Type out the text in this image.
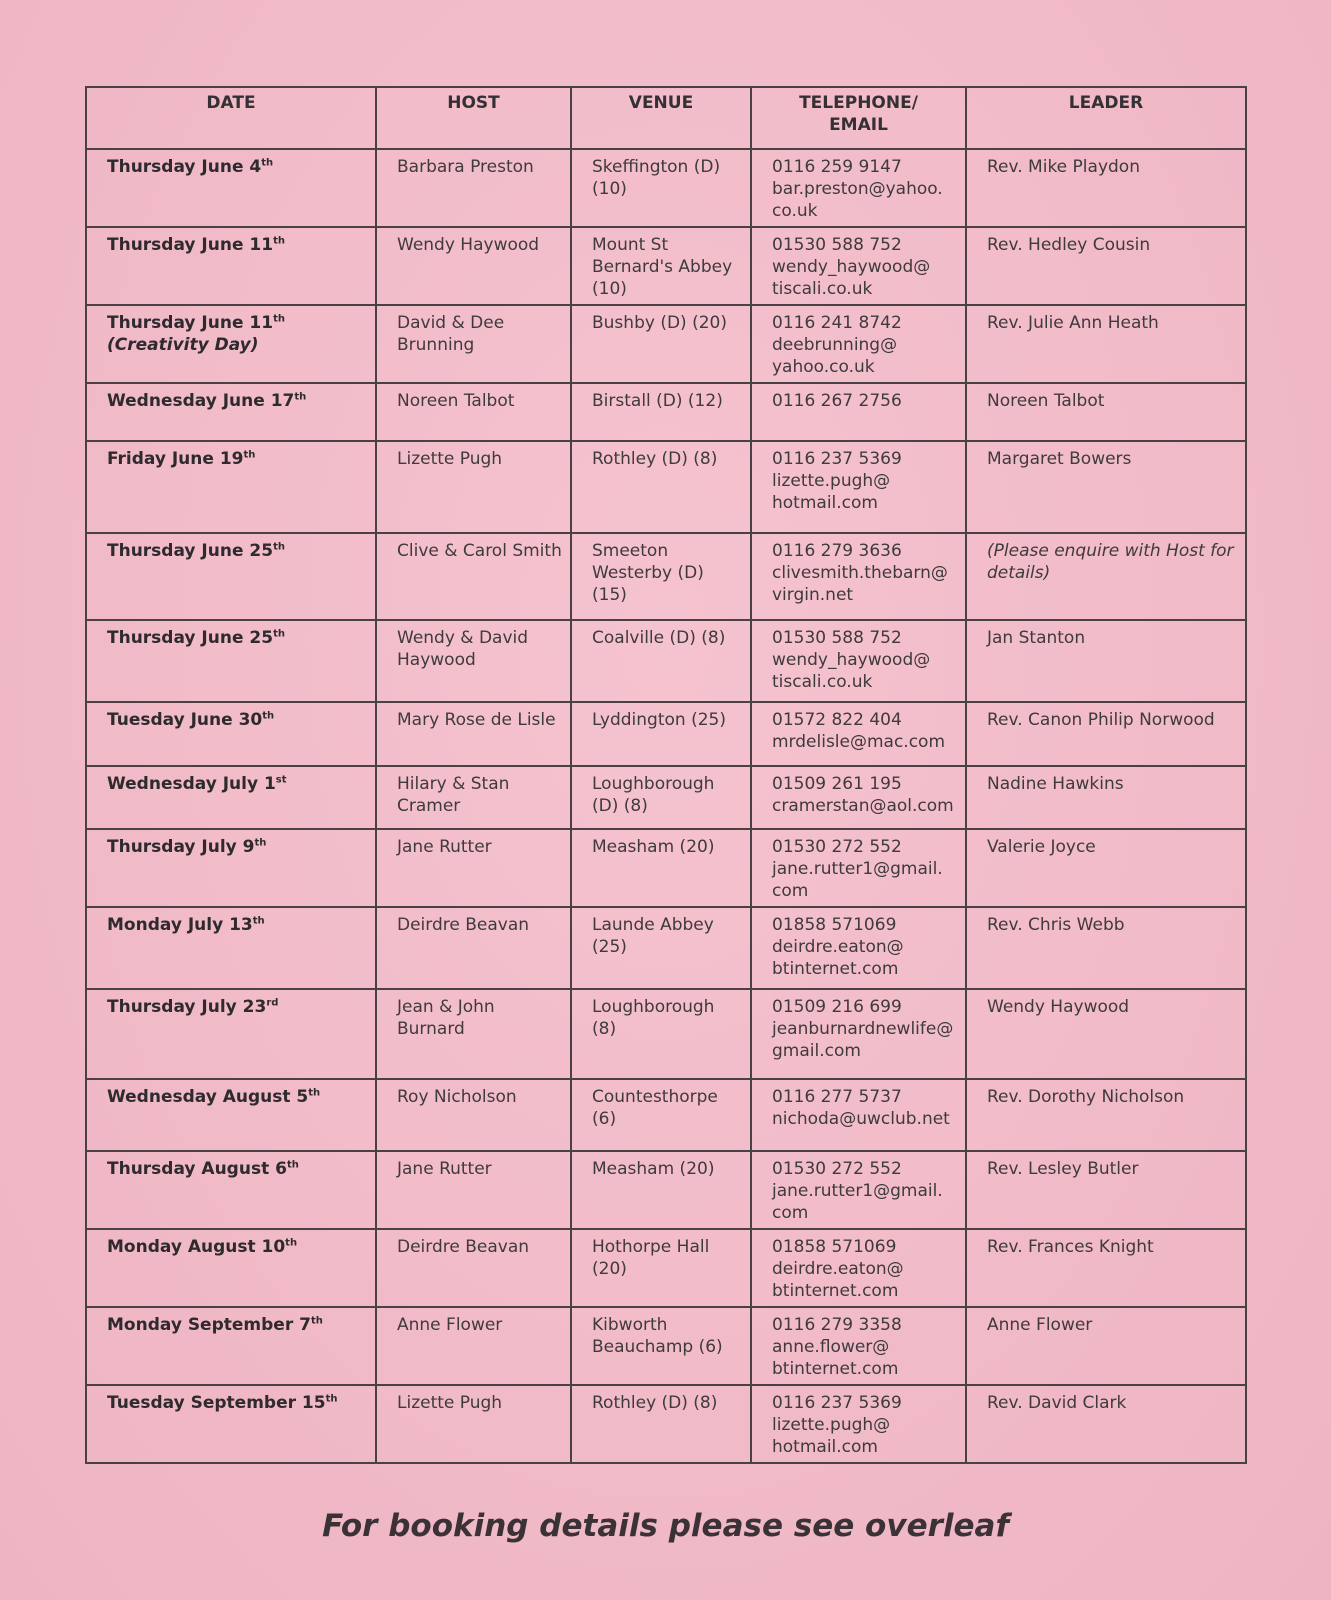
DATE	HOST	VENUE	TELEPHONE/
EMAIL	LEADER
Thursday June 4th	Barbara Preston	Skeffington (D)
(10)	0116 259 9147
bar.preston@yahoo.
co.uk	Rev. Mike Playdon
Thursday June 11th	Wendy Haywood	Mount St
Bernard's Abbey
(10)	01530 588 752
wendy_haywood@
tiscali.co.uk	Rev. Hedley Cousin
Thursday June 11th
(Creativity Day)	David & Dee
Brunning	Bushby (D) (20)	0116 241 8742
deebrunning@
yahoo.co.uk	Rev. Julie Ann Heath
Wednesday June 17th	Noreen Talbot	Birstall (D) (12)	0116 267 2756	Noreen Talbot
Friday June 19th	Lizette Pugh	Rothley (D) (8)	0116 237 5369
lizette.pugh@
hotmail.com	Margaret Bowers
Thursday June 25th	Clive & Carol Smith	Smeeton
Westerby (D)
(15)	0116 279 3636
clivesmith.thebarn@
virgin.net	(Please enquire with Host for details)
Thursday June 25th	Wendy & David
Haywood	Coalville (D) (8)	01530 588 752
wendy_haywood@
tiscali.co.uk	Jan Stanton
Tuesday June 30th	Mary Rose de Lisle	Lyddington (25)	01572 822 404
mrdelisle@mac.com	Rev. Canon Philip Norwood
Wednesday July 1st	Hilary & Stan
Cramer	Loughborough
(D) (8)	01509 261 195
cramerstan@aol.com	Nadine Hawkins
Thursday July 9th	Jane Rutter	Measham (20)	01530 272 552
jane.rutter1@gmail.
com	Valerie Joyce
Monday July 13th	Deirdre Beavan	Launde Abbey
(25)	01858 571069
deirdre.eaton@
btinternet.com	Rev. Chris Webb
Thursday July 23rd	Jean & John
Burnard	Loughborough
(8)	01509 216 699
jeanburnardnewlife@
gmail.com	Wendy Haywood
Wednesday August 5th	Roy Nicholson	Countesthorpe
(6)	0116 277 5737
nichoda@uwclub.net	Rev. Dorothy Nicholson
Thursday August 6th	Jane Rutter	Measham (20)	01530 272 552
jane.rutter1@gmail.
com	Rev. Lesley Butler
Monday August 10th	Deirdre Beavan	Hothorpe Hall
(20)	01858 571069
deirdre.eaton@
btinternet.com	Rev. Frances Knight
Monday September 7th	Anne Flower	Kibworth
Beauchamp (6)	0116 279 3358
anne.flower@
btinternet.com	Anne Flower
Tuesday September 15th	Lizette Pugh	Rothley (D) (8)	0116 237 5369
lizette.pugh@
hotmail.com	Rev. David Clark
For booking details please see overleaf
